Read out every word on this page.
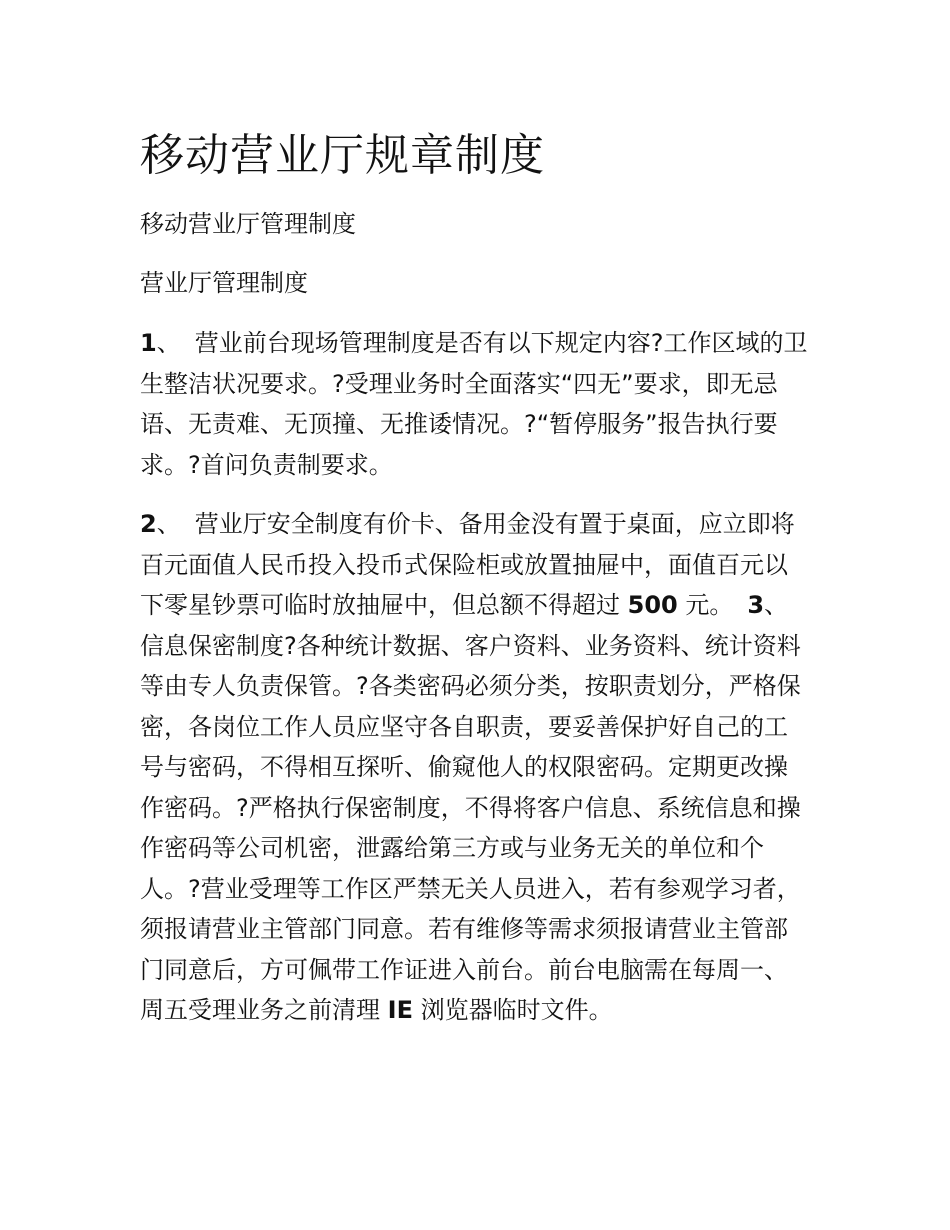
移动营业厅规章制度

移动营业厅管理制度

营业厅管理制度

1、 营业前台现场管理制度是否有以下规定内容?工作区域的卫生整洁状况要求。?受理业务时全面落实“四无”要求，即无忌语、无责难、无顶撞、无推诿情况。?“暂停服务”报告执行要求。?首问负责制要求。

2、 营业厅安全制度有价卡、备用金没有置于桌面，应立即将百元面值人民币投入投币式保险柜或放置抽屉中，面值百元以下零星钞票可临时放抽屉中，但总额不得超过 500 元。 3、信息保密制度?各种统计数据、客户资料、业务资料、统计资料等由专人负责保管。?各类密码必须分类，按职责划分，严格保密，各岗位工作人员应坚守各自职责，要妥善保护好自己的工号与密码，不得相互探听、偷窥他人的权限密码。定期更改操作密码。?严格执行保密制度，不得将客户信息、系统信息和操作密码等公司机密，泄露给第三方或与业务无关的单位和个人。?营业受理等工作区严禁无关人员进入，若有参观学习者，须报请营业主管部门同意。若有维修等需求须报请营业主管部门同意后，方可佩带工作证进入前台。前台电脑需在每周一、周五受理业务之前清理 IE 浏览器临时文件。
